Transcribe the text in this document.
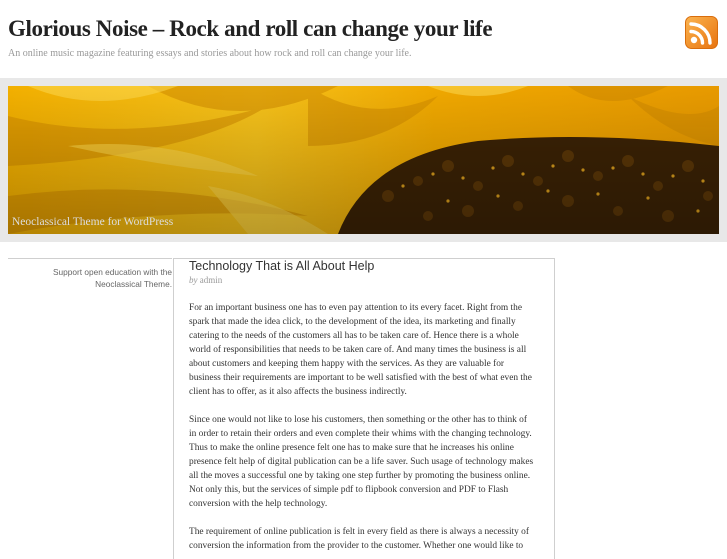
Glorious Noise – Rock and roll can change your life

An online music magazine featuring essays and stories about how rock and roll can change your life.

Neoclassical Theme for WordPress
Support open education with the
Neoclassical Theme.
Technology That is All About Help
by admin
For an important business one has to even pay attention to its every facet. Right from the
spark that made the idea click, to the development of the idea, its marketing and finally
catering to the needs of the customers all has to be taken care of. Hence there is a whole
world of responsibilities that needs to be taken care of. And many times the business is all
about customers and keeping them happy with the services. As they are valuable for
business their requirements are important to be well satisfied with the best of what even the
client has to offer, as it also affects the business indirectly.
Since one would not like to lose his customers, then something or the other has to think of
in order to retain their orders and even complete their whims with the changing technology.
Thus to make the online presence felt one has to make sure that he increases his online
presence felt help of digital publication can be a life saver. Such usage of technology makes
all the moves a successful one by taking one step further by promoting the business online.
Not only this, but the services of simple pdf to flipbook conversion and PDF to Flash
conversion with the help technology.
The requirement of online publication is felt in every field as there is always a necessity of
conversion the information from the provider to the customer. Whether one would like to
